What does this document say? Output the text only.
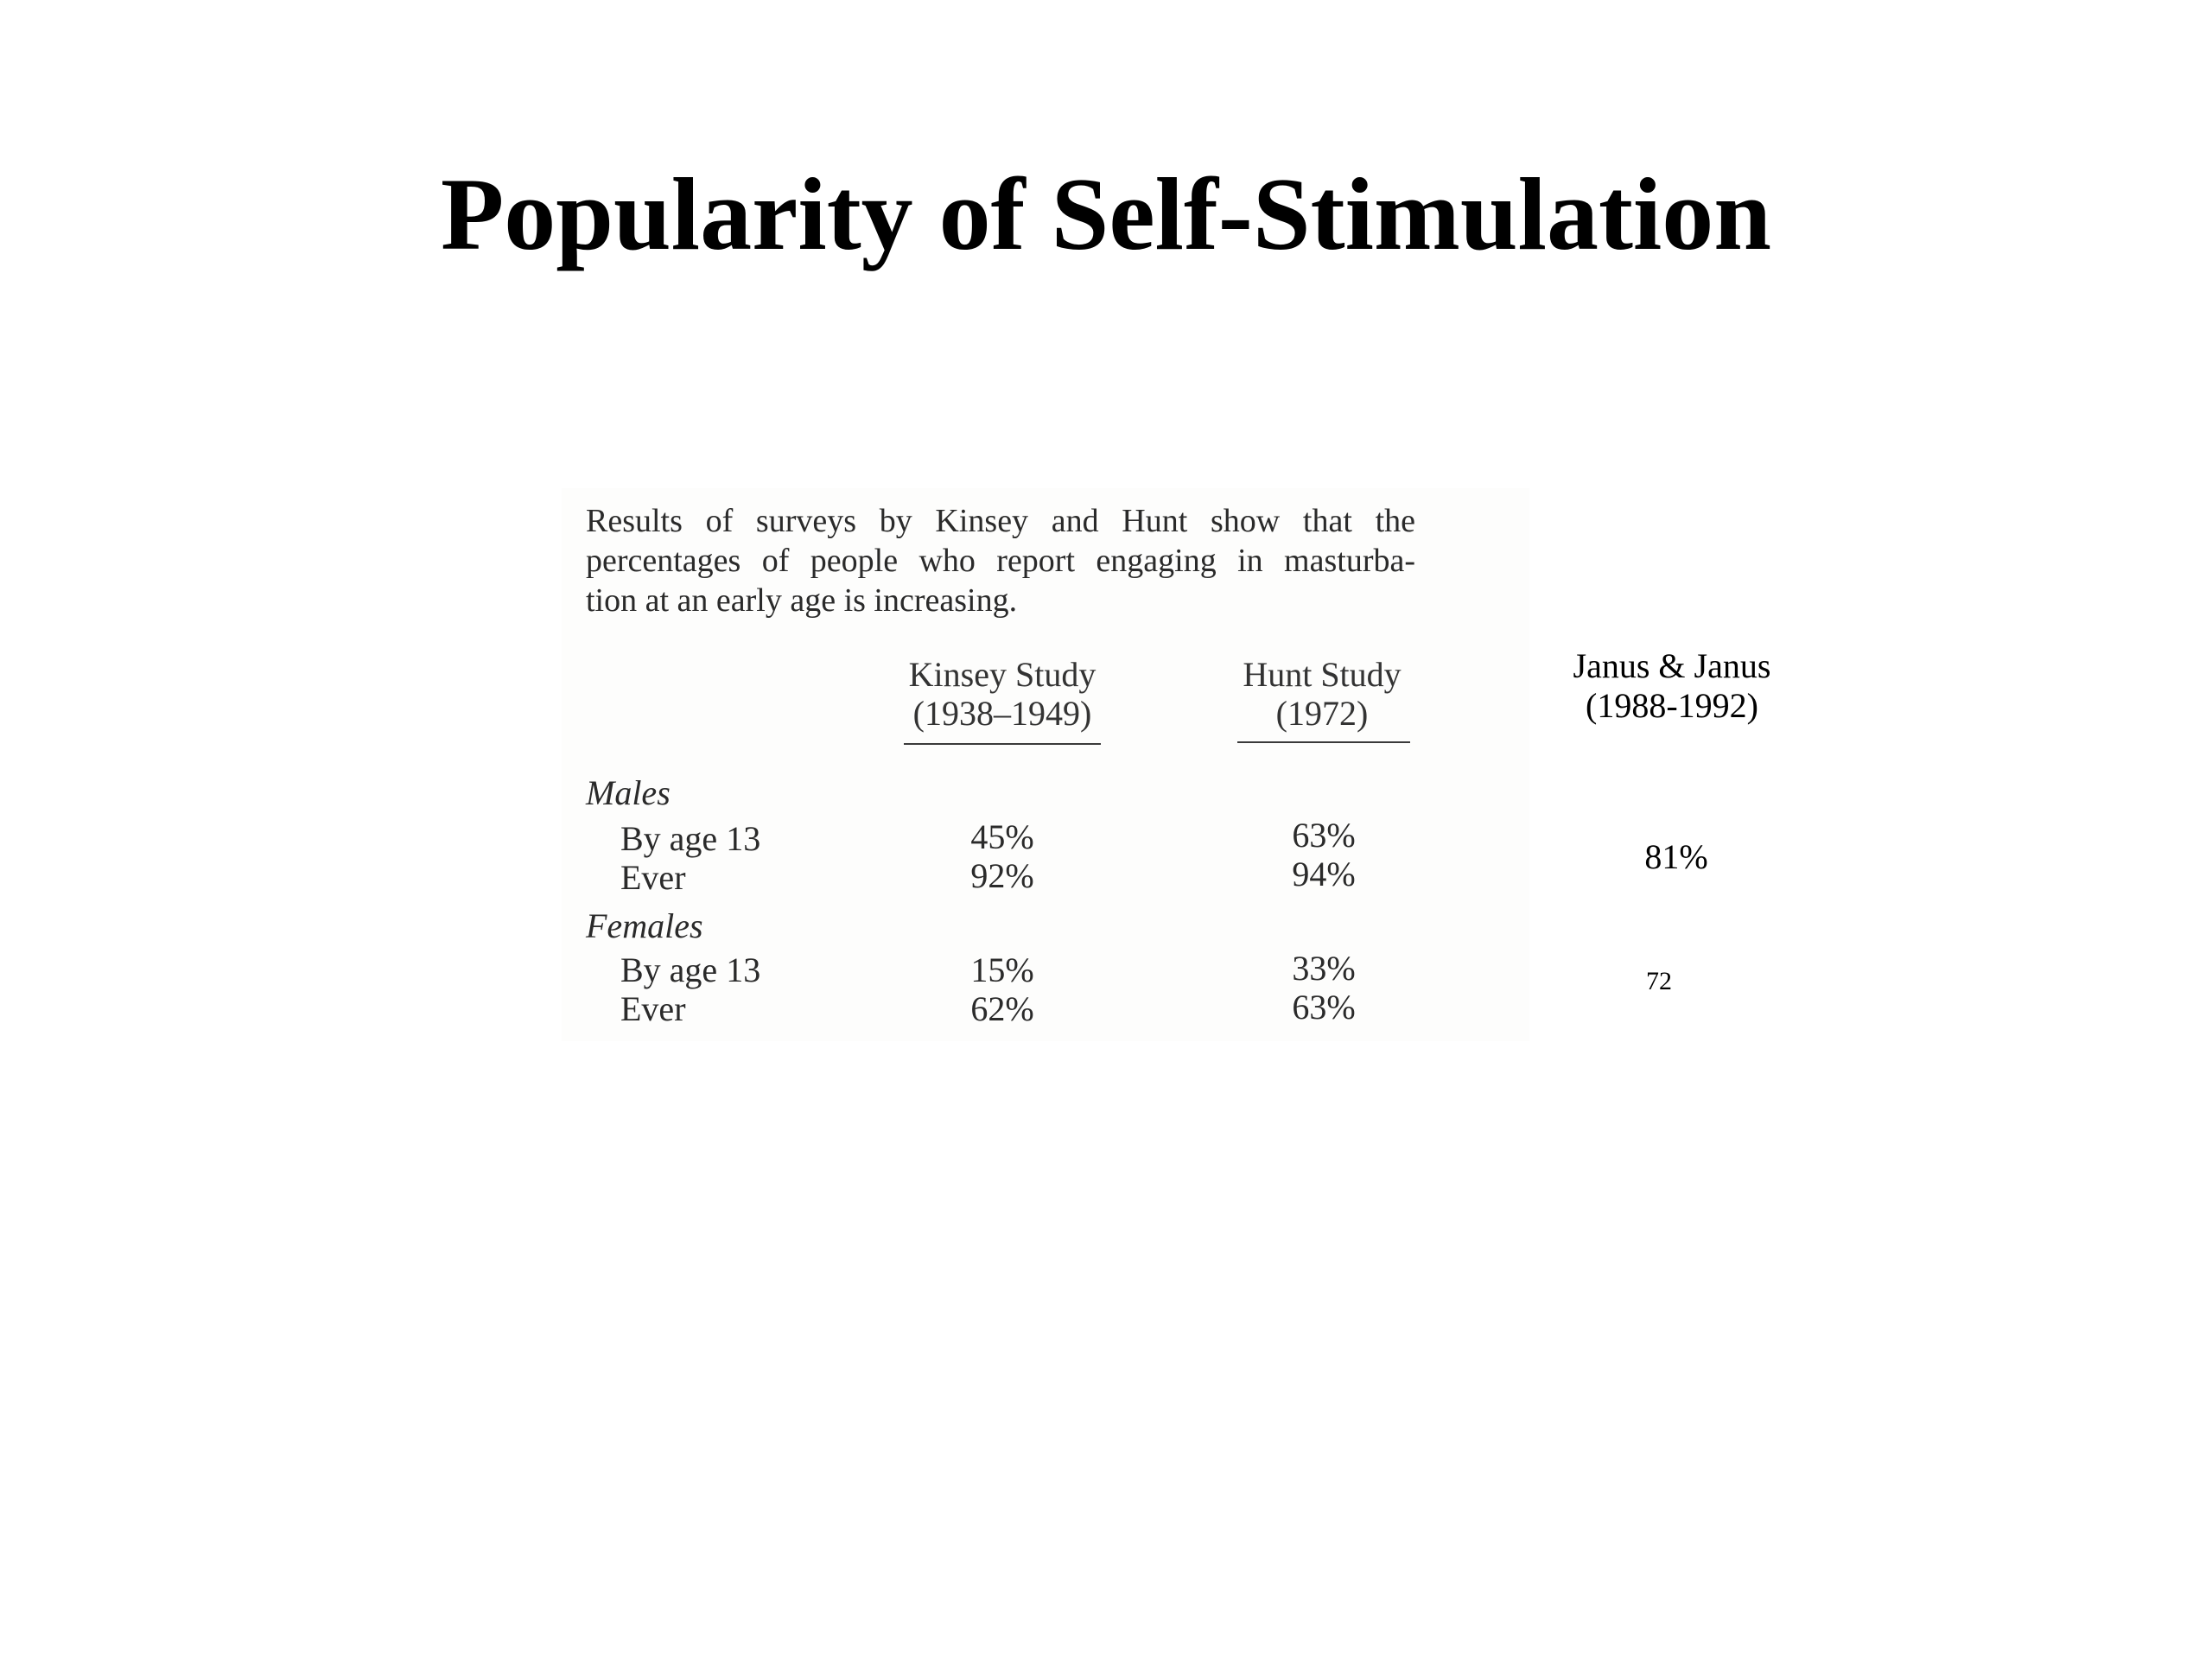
Popularity of Self-Stimulation
Results of surveys by Kinsey and Hunt show that the
percentages of people who report engaging in masturba-
tion at an early age is increasing.
Kinsey Study
(1938–1949)
Hunt Study
(1972)
Janus & Janus
(1988-1992)
Males
By age 13
Ever
45%
92%
63%
94%	81%
Females
By age 13
Ever
15%
62%
33%
63%
72
